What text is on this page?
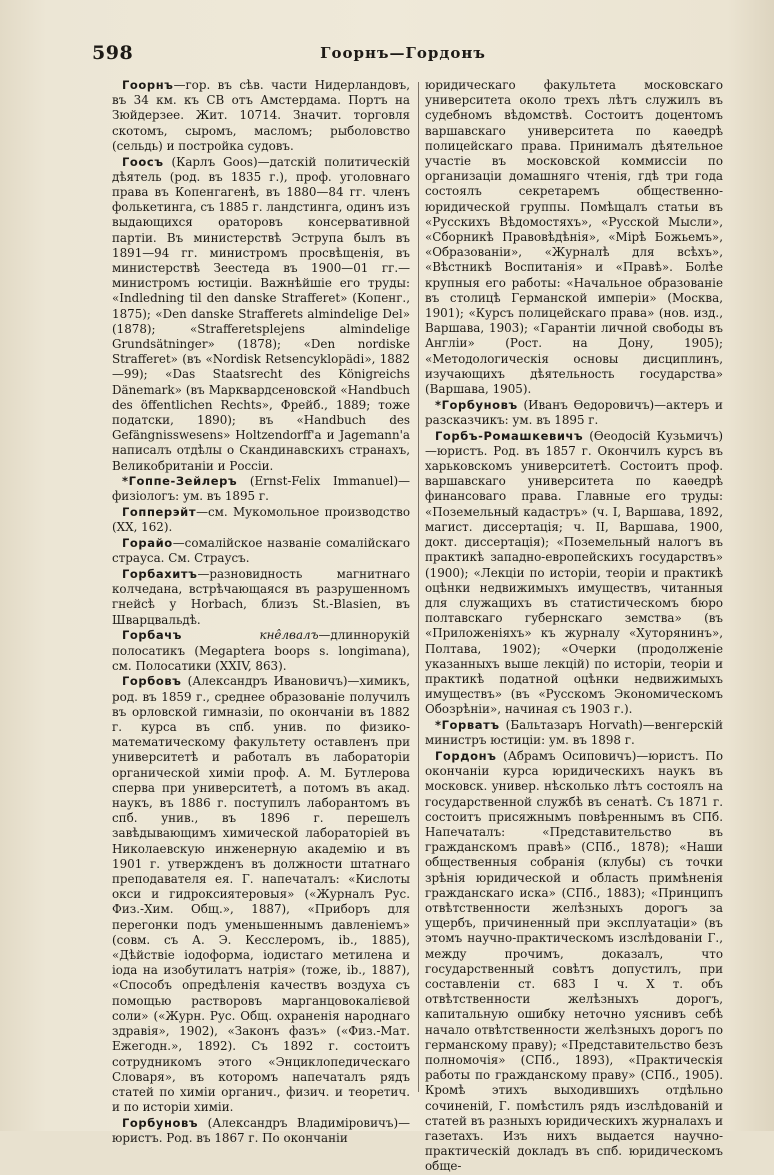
598	Гоорнъ—Гордонъ

Гоорнъ—гор. въ сѣв. части Нидерландовъ, въ 34 км. къ СВ отъ Амстердама. Портъ на Зюйдерзее. Жит. 10714. Значит. торговля скотомъ, сыромъ, масломъ; рыболовство (сельдь) и постройка судовъ.

Гоосъ (Карлъ Goos)—датскій политическій дѣятель (род. въ 1835 г.), проф. уголовнаго права въ Копенгагенѣ, въ 1880—84 гг. членъ фолькетинга, съ 1885 г. ландстинга, одинъ изъ выдающихся ораторовъ консервативной партіи. Въ министерствѣ Эструпа былъ въ 1891—94 гг. министромъ просвѣщенія, въ министерствѣ Зеестеда въ 1900—01 гг.—министромъ юстиціи. Важнѣйшіе его труды: «Indledning til den danske Strafferet» (Копенг., 1875); «Den danske Strafferets almindelige Del» (1878); «Strafferetsplejens almindelige Grundsätninger» (1878); «Den nordiske Strafferet» (въ «Nordisk Retsencyklopädi», 1882—99); «Das Staatsrecht des Königreichs Dänemark» (въ Марквардсеновской «Handbuch des öffentlichen Rechts», Фрейб., 1889; тоже податски, 1890); въ «Handbuch des Gefängnisswesens» Holtzendorff'а и Jagemann'а написалъ отдѣлы о Скандинавскихъ странахъ, Великобританіи и Россіи.

*Гоппе-Зейлеръ (Ernst-Felix Immanuel)—физіологъ: ум. въ 1895 г.

Гопперэйт—см. Мукомольное производство (XX, 162).

Горайо—сомалійское названіе сомалійскаго страуса. См. Страусъ.

Горбахитъ—разновидность магнитнаго колчедана, встрѣчающаяся въ разрушенномъ гнейсѣ у Horbach, близъ St.-Blasien, въ Шварцвальдѣ.

Горбачъ кнêлвалъ—длиннорукій полосатикъ (Megaptera boops s. longimana), см. Полосатики (XXIV, 863).

Горбовъ (Александръ Ивановичъ)—химикъ, род. въ 1859 г., среднее образованіе получилъ въ орловской гимназіи, по окончаніи въ 1882 г. курса въ спб. унив. по физико-математическому факультету оставленъ при университетѣ и работалъ въ лабораторіи органической химіи проф. А. М. Бутлерова сперва при университетѣ, а потомъ въ акад. наукъ, въ 1886 г. поступилъ лаборантомъ въ спб. унив., въ 1896 г. перешелъ завѣдывающимъ химической лабораторіей въ Николаевскую инженерную академію и въ 1901 г. утвержденъ въ должности штатнаго преподавателя ея. Г. напечаталъ: «Кислоты окси и гидроксиятеровыя» («Журналъ Рус. Физ.-Хим. Общ.», 1887), «Приборъ для перегонки подъ уменьшеннымъ давленіемъ» (совм. съ А. Э. Кесслеромъ, ib., 1885), «Дѣйствіе іодоформа, іодистаго метилена и іода на изобутилатъ натрія» (тоже, ib., 1887), «Способъ опредѣленія качествъ воздуха съ помощью растворовъ марганцовокалієвой соли» («Журн. Рус. Общ. охраненія народнаго здравія», 1902), «Законъ фазъ» («Физ.-Мат. Ежегодн.», 1892). Съ 1892 г. состоитъ сотрудникомъ этого «Энциклопедическаго Словаря», въ которомъ напечаталъ рядъ статей по химіи органич., физич. и теоретич. и по исторіи химіи.

Горбуновъ (Александръ Владиміровичъ)—юристъ. Род. въ 1867 г. По окончаніи

юридическаго факультета московскаго университета около трехъ лѣтъ служилъ въ судебномъ вѣдомствѣ. Состоитъ доцентомъ варшавскаго университета по каѳедрѣ полицейскаго права. Принималъ дѣятельное участіе въ московской коммиссіи по организаціи домашняго чтенія, гдѣ три года состоялъ секретаремъ общественно-юридической группы. Помѣщалъ статьи въ «Русскихъ Вѣдомостяхъ», «Русской Мысли», «Сборникѣ Правовѣдѣнія», «Мірѣ Божьемъ», «Образованіи», «Журналѣ для всѣхъ», «Вѣстникѣ Воспитанія» и «Правѣ». Болѣе крупныя его работы: «Начальное образованіе въ столицѣ Германской имперіи» (Москва, 1901); «Курсъ полицейскаго права» (нов. изд., Варшава, 1903); «Гарантіи личной свободы въ Англіи» (Рост. на Дону, 1905); «Методологическія основы дисциплинъ, изучающихъ дѣятельность государства» (Варшава, 1905).

*Горбуновъ (Иванъ Ѳедоровичъ)—актеръ и разсказчикъ: ум. въ 1895 г.

Горбъ-Ромашкевичъ (Ѳеодосій Кузьмичъ)—юристъ. Род. въ 1857 г. Окончилъ курсъ въ харьковскомъ университетѣ. Состоитъ проф. варшавскаго университета по каѳедрѣ финансоваго права. Главные его труды: «Поземельный кадастръ» (ч. I, Варшава, 1892, магист. диссертація; ч. II, Варшава, 1900, докт. диссертація); «Поземельный налогъ въ практикѣ западно-европейскихъ государствъ» (1900); «Лекціи по исторіи, теоріи и практикѣ оцѣнки недвижимыхъ имуществъ, читанныя для служащихъ въ статистическомъ бюро полтавскаго губернскаго земства» (въ «Приложеніяхъ» къ журналу «Хуторянинъ», Полтава, 1902); «Очерки (продолженіе указанныхъ выше лекцій) по исторіи, теоріи и практикѣ податной оцѣнки недвижимыхъ имуществъ» (въ «Русскомъ Экономическомъ Обозрѣніи», начиная съ 1903 г.).

*Горватъ (Бальтазаръ Horvath)—венгерскій министръ юстиціи: ум. въ 1898 г.

Гордонъ (Абрамъ Осиповичъ)—юристъ. По окончаніи курса юридическихъ наукъ въ московск. универ. нѣсколько лѣтъ состоялъ на государственной службѣ въ сенатѣ. Съ 1871 г. состоитъ присяжнымъ повѣреннымъ въ СПб. Напечаталъ: «Представительство въ гражданскомъ правѣ» (СПб., 1878); «Наши общественныя собранія (клубы) съ точки зрѣнія юридической и область примѣненія гражданскаго иска» (СПб., 1883); «Принципъ отвѣтственности желѣзныхъ дорогъ за ущербъ, причиненный при эксплуатаціи» (въ этомъ научно-практическомъ изслѣдованіи Г., между прочимъ, доказалъ, что государственный совѣтъ допустилъ, при составленіи ст. 683 I ч. X т. объ отвѣтственности желѣзныхъ дорогъ, капитальную ошибку неточно уяснивъ себѣ начало отвѣтственности желѣзныхъ дорогъ по германскому праву); «Представительство безъ полномочія» (СПб., 1893), «Практическія работы по гражданскому праву» (СПб., 1905). Кромѣ этихъ выходившихъ отдѣльно сочиненій, Г. помѣстилъ рядъ изслѣдованій и статей въ разныхъ юридическихъ журналахъ и газетахъ. Изъ нихъ выдается научно-практическій докладъ въ спб. юридическомъ обще-
